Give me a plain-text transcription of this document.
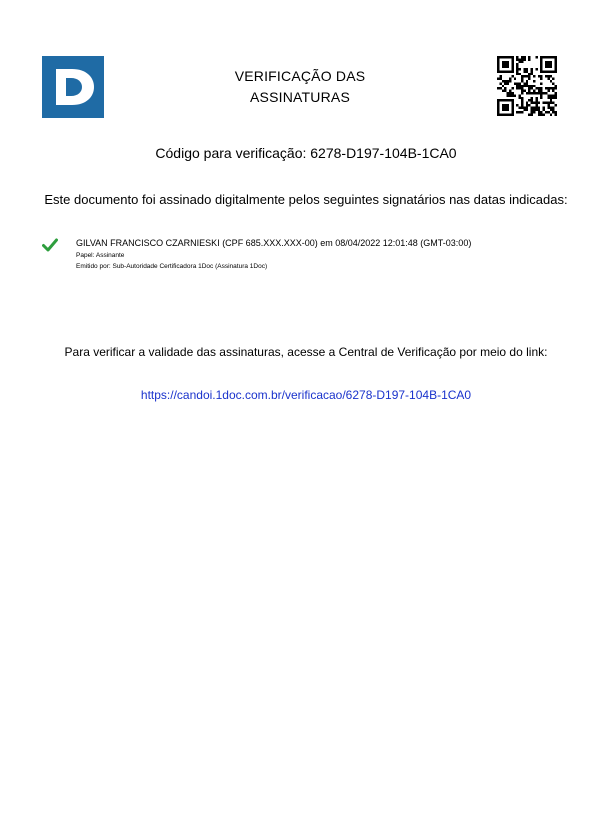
VERIFICAÇÃO DAS
ASSINATURAS
Código para verificação: 6278-D197-104B-1CA0
Este documento foi assinado digitalmente pelos seguintes signatários nas datas indicadas:
GILVAN FRANCISCO CZARNIESKI (CPF 685.XXX.XXX-00) em 08/04/2022 12:01:48 (GMT-03:00)
Papel: Assinante
Emitido por: Sub-Autoridade Certificadora 1Doc (Assinatura 1Doc)
Para verificar a validade das assinaturas, acesse a Central de Verificação por meio do link:
https://candoi.1doc.com.br/verificacao/6278-D197-104B-1CA0
